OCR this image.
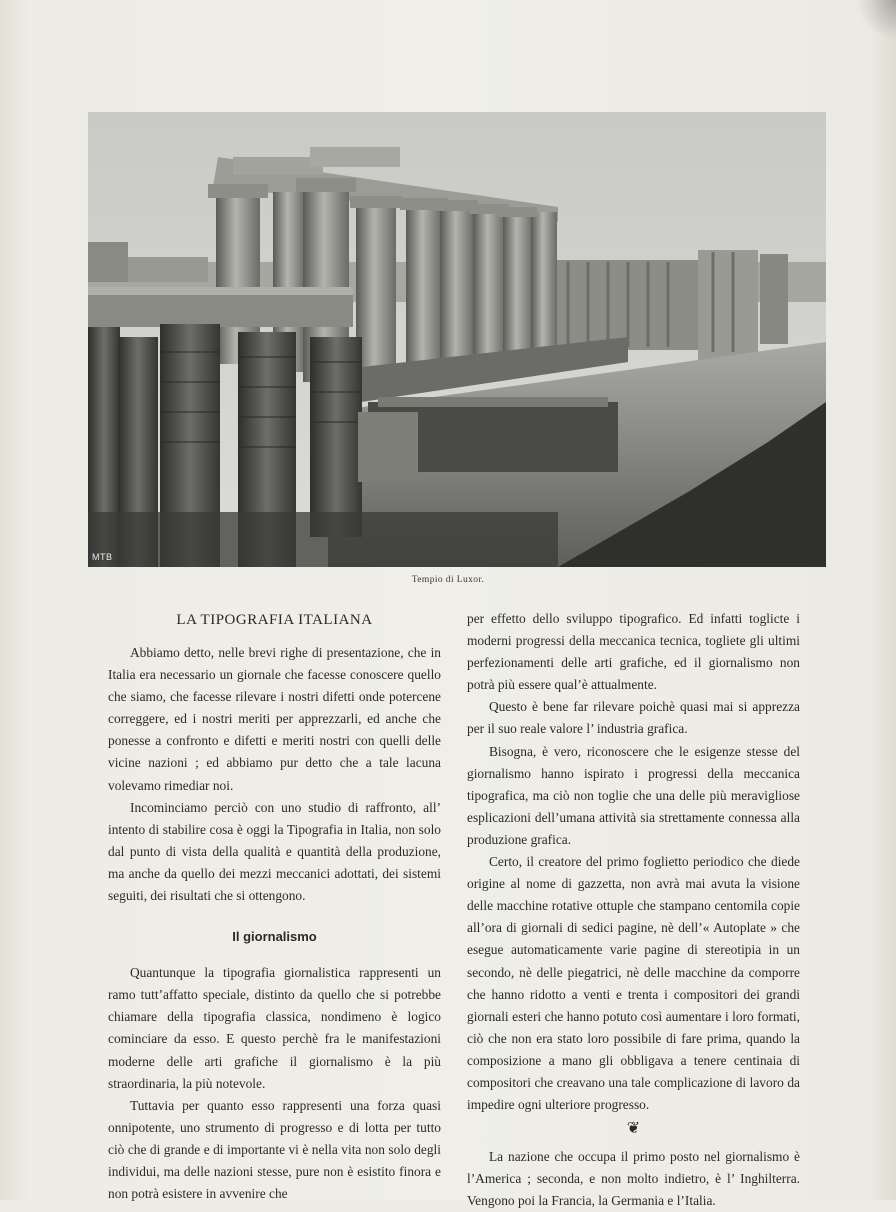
MTB
Tempio di Luxor.
LA TIPOGRAFIA ITALIANA

Abbiamo detto, nelle brevi righe di presentazione, che in Italia era necessario un giornale che facesse conoscere quello che siamo, che facesse rilevare i nostri difetti onde potercene correggere, ed i nostri meriti per apprezzarli, ed anche che ponesse a confronto e difetti e meriti nostri con quelli delle vicine nazioni ; ed abbiamo pur detto che a tale lacuna volevamo rimediar noi.

Incominciamo perciò con uno studio di raffronto, all’ intento di stabilire cosa è oggi la Tipografia in Italia, non solo dal punto di vista della qualità e quantità della produzione, ma anche da quello dei mezzi meccanici adottati, dei sistemi seguiti, dei risultati che si ottengono.

Il giornalismo

Quantunque la tipografia giornalistica rappresenti un ramo tutt’affatto speciale, distinto da quello che si potrebbe chiamare della tipografia classica, nondimeno è logico cominciare da esso. E questo perchè fra le manifestazioni moderne delle arti grafiche il giornalismo è la più straordinaria, la più notevole.

Tuttavia per quanto esso rappresenti una forza quasi onnipotente, uno strumento di progresso e di lotta per tutto ciò che di grande e di importante vi è nella vita non solo degli individui, ma delle nazioni stesse, pure non è esistito finora e non potrà esistere in avvenire che

per effetto dello sviluppo tipografico. Ed infatti toglicte i moderni progressi della meccanica tecnica, togliete gli ultimi perfezionamenti delle arti grafiche, ed il giornalismo non potrà più essere qual’è attualmente.

Questo è bene far rilevare poichè quasi mai si apprezza per il suo reale valore l’ industria grafica.

Bisogna, è vero, riconoscere che le esigenze stesse del giornalismo hanno ispirato i progressi della meccanica tipografica, ma ciò non toglie che una delle più meravigliose esplicazioni dell’umana attività sia strettamente connessa alla produzione grafica.

Certo, il creatore del primo foglietto periodico che diede origine al nome di gazzetta, non avrà mai avuta la visione delle macchine rotative ottuple che stampano centomila copie all’ora di giornali di sedici pagine, nè dell’« Autoplate » che esegue automaticamente varie pagine di stereotipia in un secondo, nè delle piegatrici, nè delle macchine da comporre che hanno ridotto a venti e trenta i compositori dei grandi giornali esteri che hanno potuto così aumentare i loro formati, ciò che non era stato loro possibile di fare prima, quando la composizione a mano gli obbligava a tenere centinaia di compositori che creavano una tale complicazione di lavoro da impedire ogni ulteriore progresso.

❦

La nazione che occupa il primo posto nel giornalismo è l’America ; seconda, e non molto indietro, è l’ Inghilterra. Vengono poi la Francia, la Germania e l’Italia.
